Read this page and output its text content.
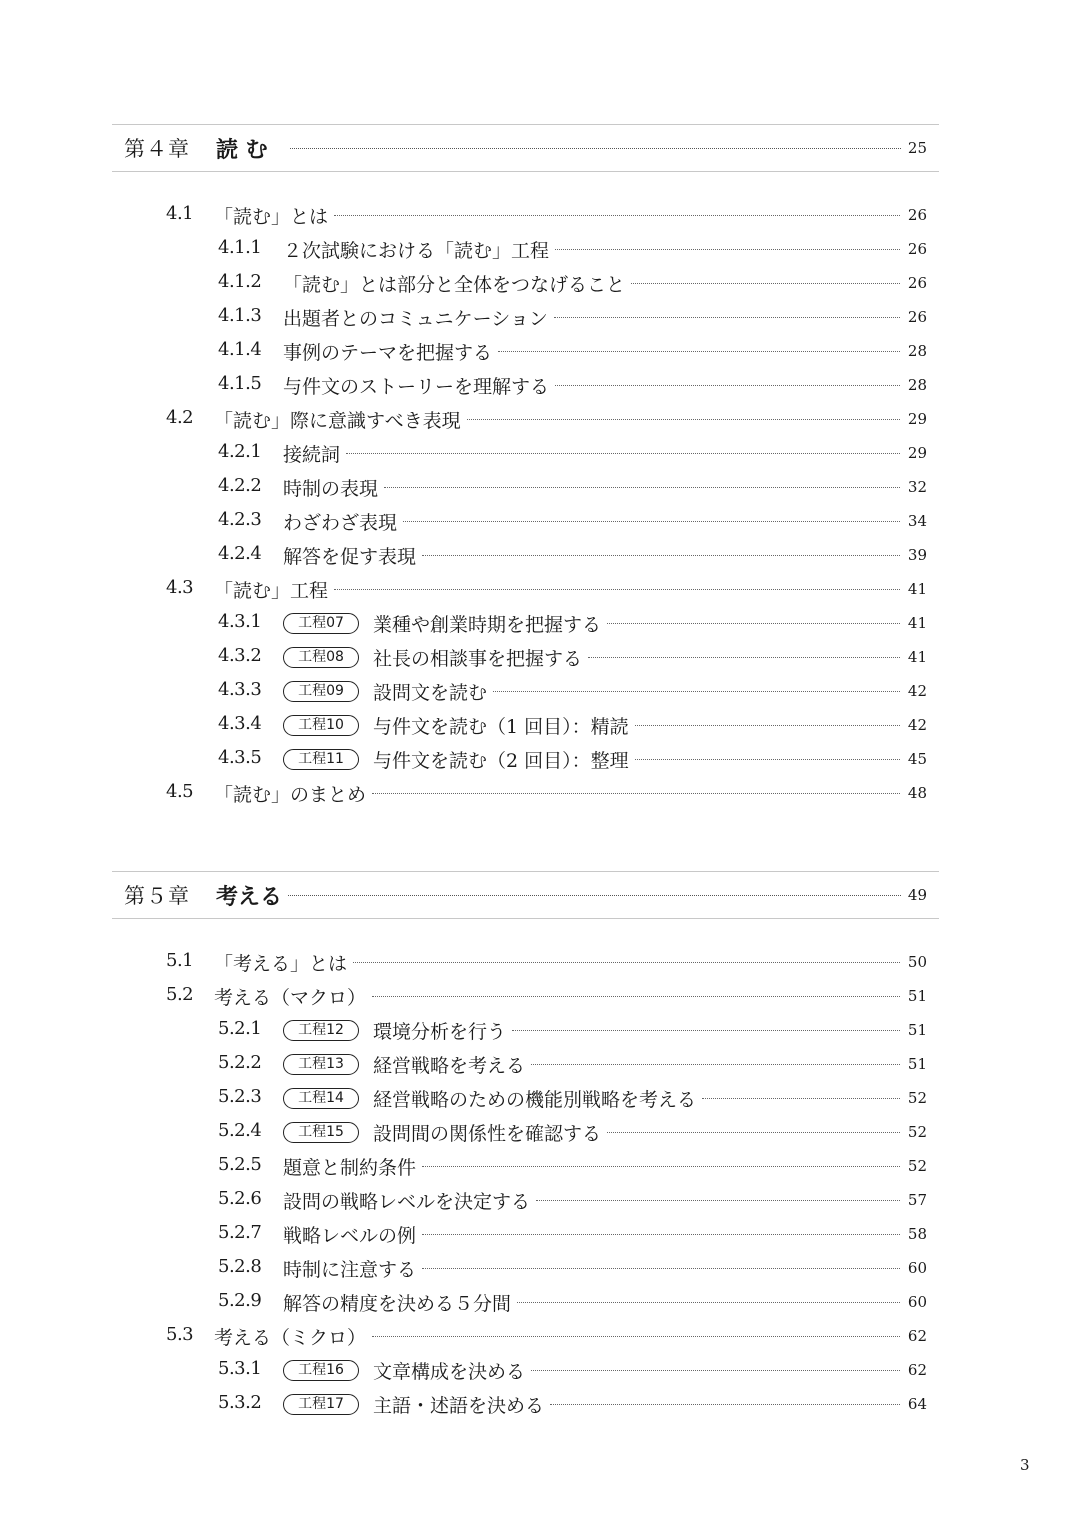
第４章 読 む	25
4.1 「読む」とは	26
4.1.1 ２次試験における「読む」工程	26
4.1.2 「読む」とは部分と全体をつなげること	26
4.1.3 出題者とのコミュニケーション	26
4.1.4 事例のテーマを把握する	28
4.1.5 与件文のストーリーを理解する	28
4.2 「読む」際に意識すべき表現	29
4.2.1 接続詞	29
4.2.2 時制の表現	32
4.2.3 わざわざ表現	34
4.2.4 解答を促す表現	39
4.3 「読む」工程	41
4.3.1	工程07	業種や創業時期を把握する	41
4.3.2	工程08	社長の相談事を把握する	41
4.3.3	工程09	設問文を読む	42
4.3.4	工程10	与件文を読む（1 回目）：精読	42
4.3.5	工程11	与件文を読む（2 回目）：整理	45
4.5 「読む」のまとめ	48
第５章 考える	49
5.1 「考える」とは	50
5.2 考える（マクロ）	51
5.2.1	工程12	環境分析を行う	51
5.2.2	工程13	経営戦略を考える	51
5.2.3	工程14	経営戦略のための機能別戦略を考える	52
5.2.4	工程15	設問間の関係性を確認する	52
5.2.5 題意と制約条件	52
5.2.6 設問の戦略レベルを決定する	57
5.2.7 戦略レベルの例	58
5.2.8 時制に注意する	60
5.2.9 解答の精度を決める５分間	60
5.3 考える（ミクロ）	62
5.3.1	工程16	文章構成を決める	62
5.3.2	工程17	主語・述語を決める	64
3
